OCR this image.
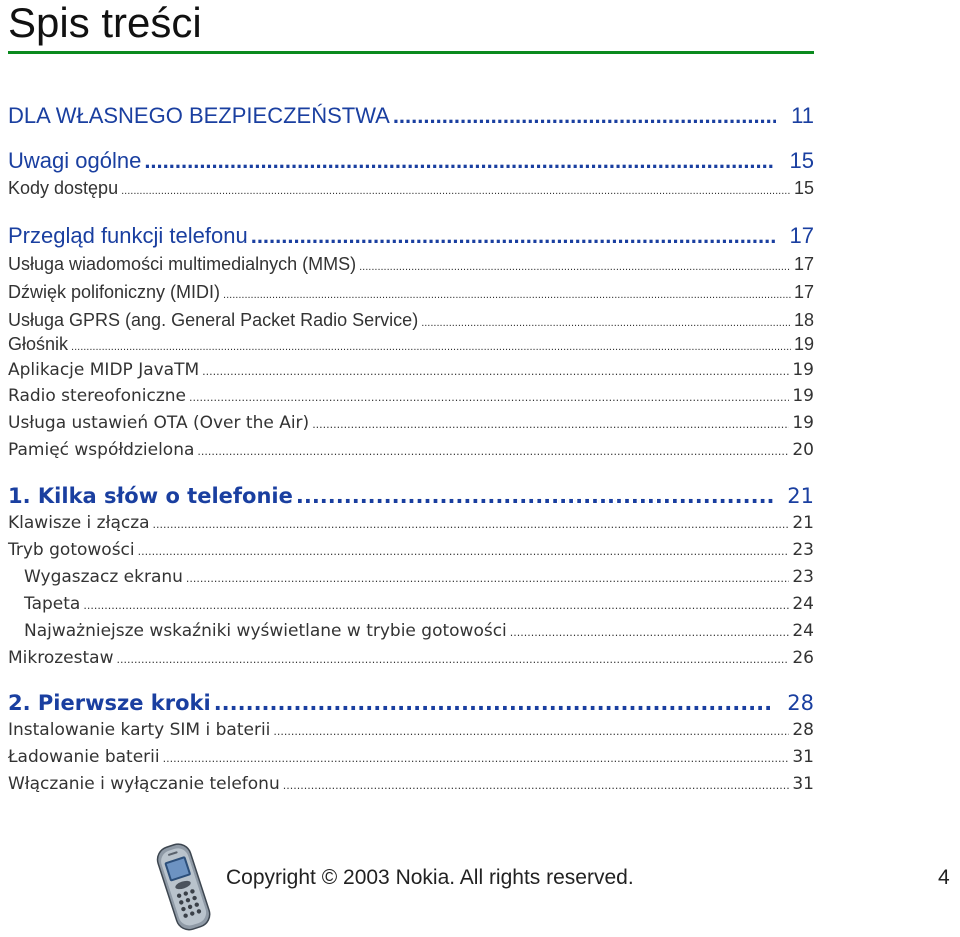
Spis treści
DLA WŁASNEGO BEZPIECZEŃSTWA .....	11
Uwagi ogólne .....	15
Kody dostępu .....	15
Przegląd funkcji telefonu .....	17
Usługa wiadomości multimedialnych (MMS) .....	17
Dźwięk polifoniczny (MIDI) .....	17
Usługa GPRS (ang. General Packet Radio Service) .....	18
Głośnik .....	19
Aplikacje MIDP JavaTM .....	19
Radio stereofoniczne .....	19
Usługa ustawień OTA (Over the Air) .....	19
Pamięć współdzielona .....	20
1. Kilka słów o telefonie .....	21
Klawisze i złącza .....	21
Tryb gotowości .....	23
Wygaszacz ekranu .....	23
Tapeta .....	24
Najważniejsze wskaźniki wyświetlane w trybie gotowości .....	24
Mikrozestaw .....	26
2. Pierwsze kroki .....	28
Instalowanie karty SIM i baterii .....	28
Ładowanie baterii .....	31
Włączanie i wyłączanie telefonu .....	31
Copyright © 2003 Nokia. All rights reserved.	4
